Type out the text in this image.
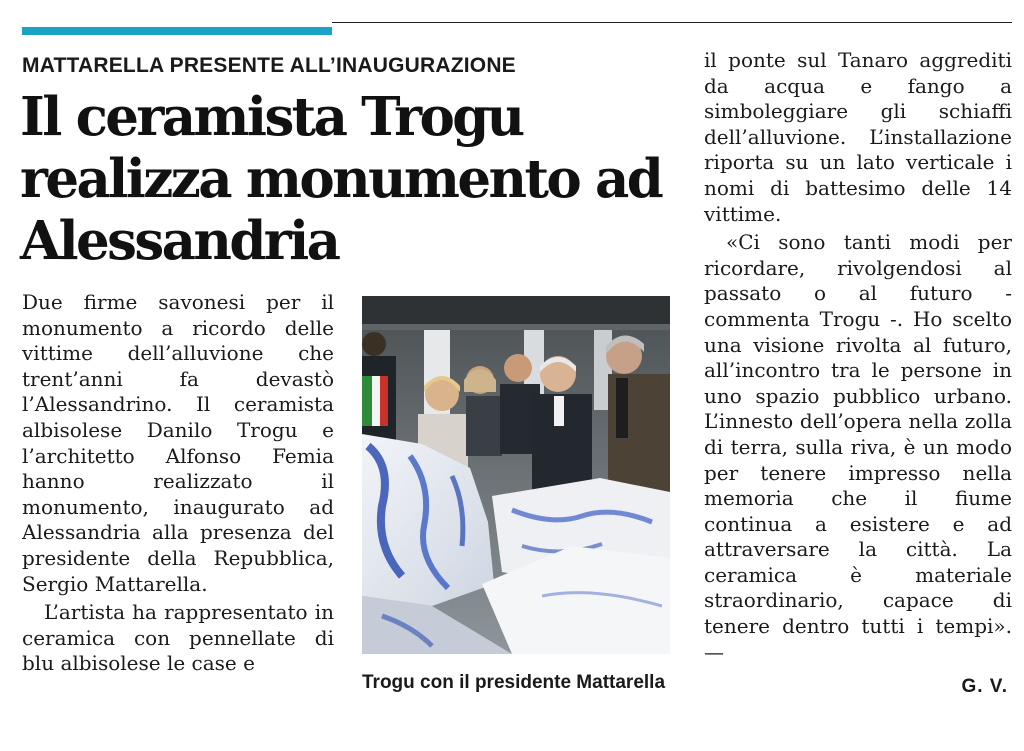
MATTARELLA PRESENTE ALL’INAUGURAZIONE
Il ceramista Trogu realizza monumento ad Alessandria

Due firme savonesi per il monumento a ricordo delle vittime dell’alluvione che trent’anni fa devastò l’Alessandrino. Il ceramista albisolese Danilo Trogu e l’architetto Alfonso Femia hanno realizzato il monumento, inaugurato ad Alessandria alla presenza del presidente della Repubblica, Sergio Mattarella.

L’artista ha rappresentato in ceramica con pennellate di blu albisolese le case e

Trogu con il presidente Mattarella

il ponte sul Tanaro aggrediti da acqua e fango a simboleggiare gli schiaffi dell’alluvione. L’installazione riporta su un lato verticale i nomi di battesimo delle 14 vittime.

«Ci sono tanti modi per ricordare, rivolgendosi al passato o al futuro - commenta Trogu -. Ho scelto una visione rivolta al futuro, all’incontro tra le persone in uno spazio pubblico urbano. L’innesto dell’opera nella zolla di terra, sulla riva, è un modo per tenere impresso nella memoria che il fiume continua a esistere e ad attraversare la città. La ceramica è materiale straordinario, capace di tenere dentro tutti i tempi». —

G. V.
